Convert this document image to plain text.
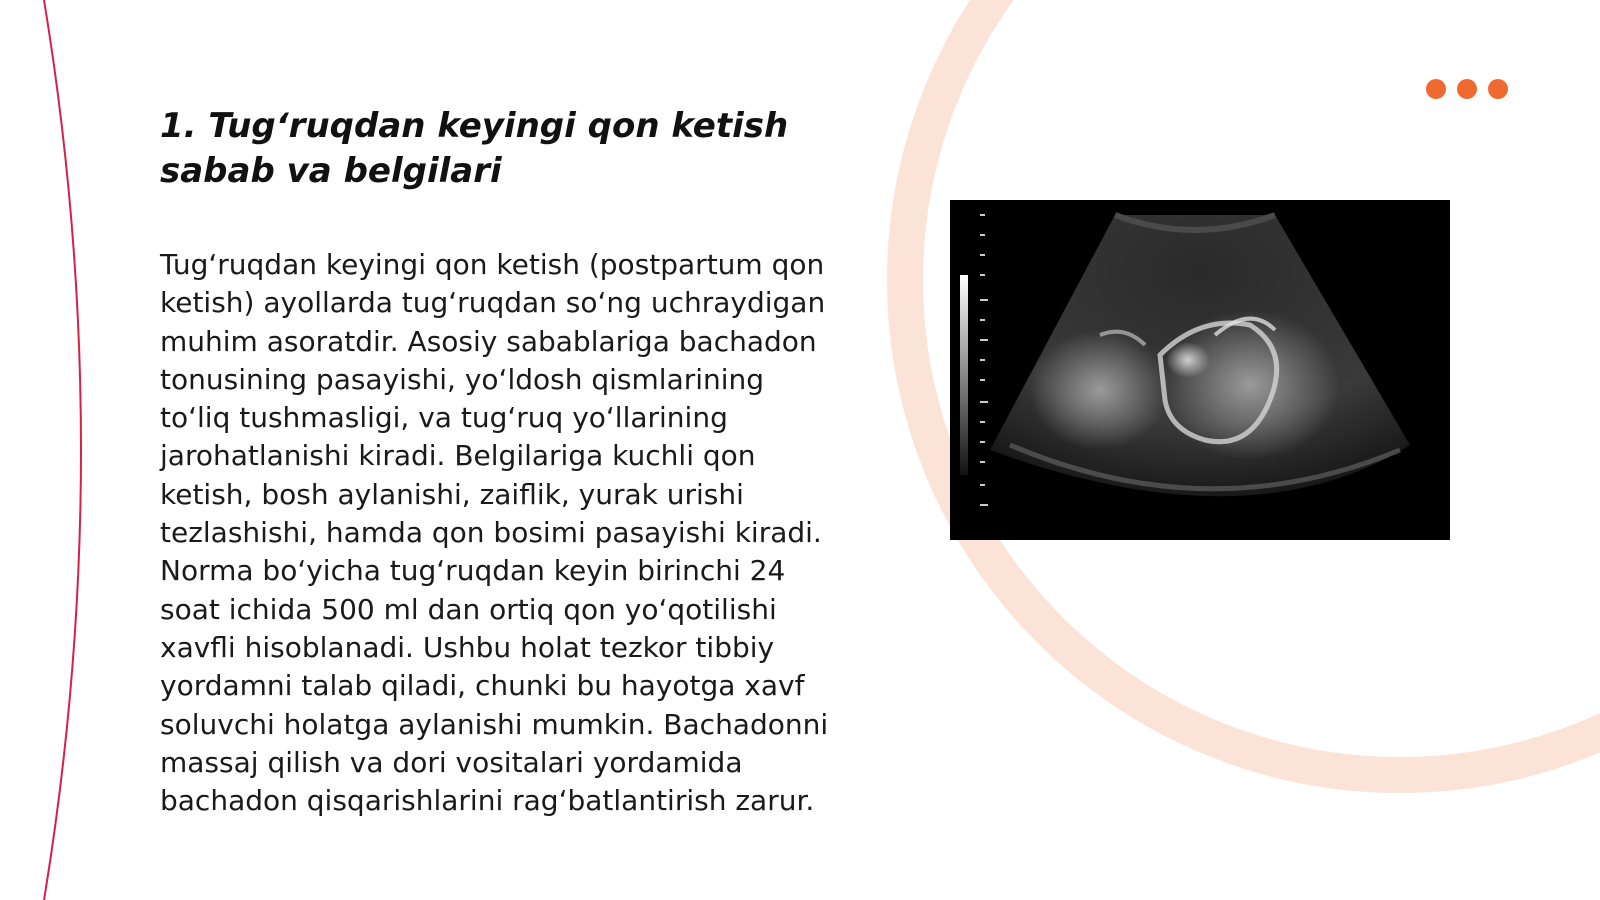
1. Tug‘ruqdan keyingi qon ketish sabab va belgilari

Tug‘ruqdan keyingi qon ketish (postpartum qon ketish) ayollarda tug‘ruqdan so‘ng uchraydigan muhim asoratdir. Asosiy sabablariga bachadon tonusining pasayishi, yo‘ldosh qismlarining to‘liq tushmasligi, va tug‘ruq yo‘llarining jarohatlanishi kiradi. Belgilariga kuchli qon ketish, bosh aylanishi, zaiflik, yurak urishi tezlashishi, hamda qon bosimi pasayishi kiradi. Norma bo‘yicha tug‘ruqdan keyin birinchi 24 soat ichida 500 ml dan ortiq qon yo‘qotilishi xavfli hisoblanadi. Ushbu holat tezkor tibbiy yordamni talab qiladi, chunki bu hayotga xavf soluvchi holatga aylanishi mumkin. Bachadonni massaj qilish va dori vositalari yordamida bachadon qisqarishlarini rag‘batlantirish zarur.
